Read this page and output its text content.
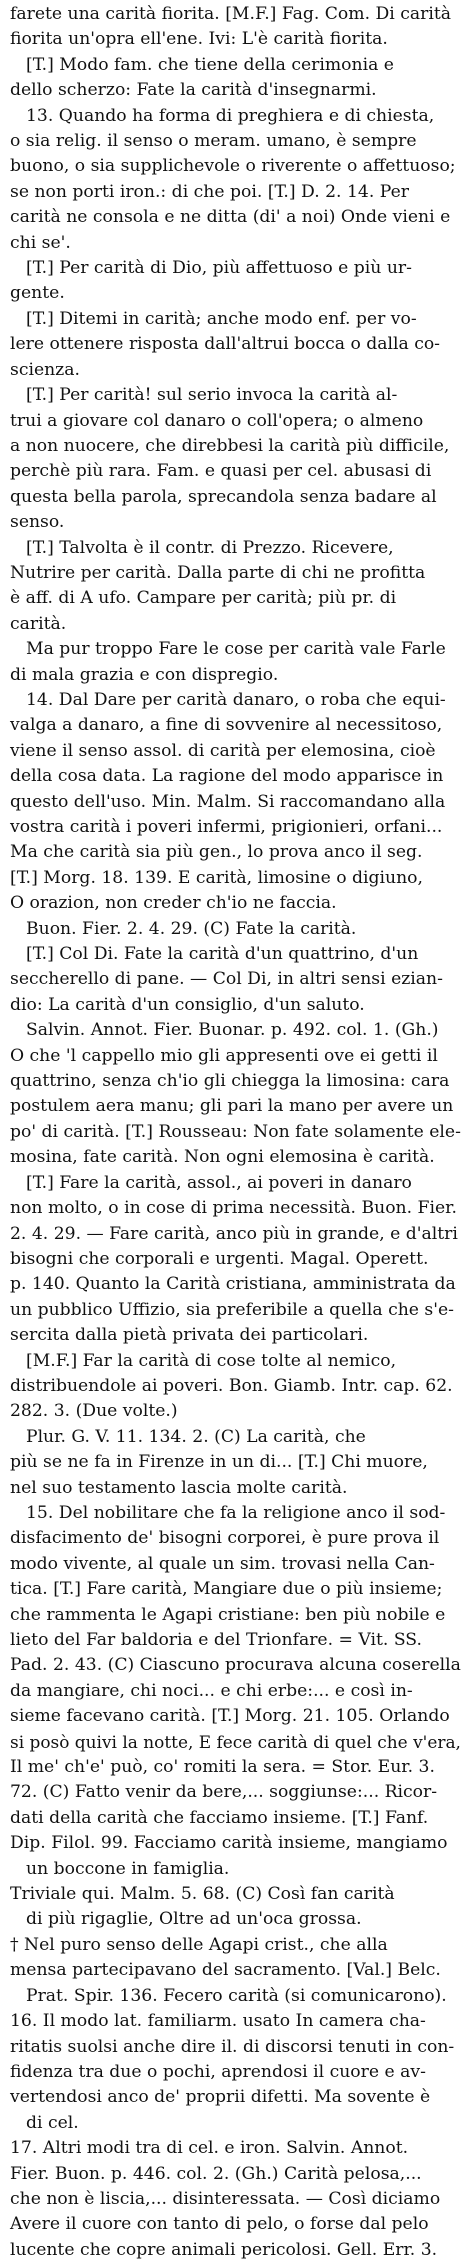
farete una carità fiorita. [M.F.] Fag. Com. Di carità

fiorita un'opra ell'ene. Ivi: L'è carità fiorita.

[T.] Modo fam. che tiene della cerimonia e

dello scherzo: Fate la carità d'insegnarmi.

13. Quando ha forma di preghiera e di chiesta,

o sia relig. il senso o meram. umano, è sempre

buono, o sia supplichevole o riverente o affettuoso;

se non porti iron.: di che poi. [T.] D. 2. 14. Per

carità ne consola e ne ditta (di' a noi) Onde vieni e

chi se'.

[T.] Per carità di Dio, più affettuoso e più ur-

gente.

[T.] Ditemi in carità; anche modo enf. per vo-

lere ottenere risposta dall'altrui bocca o dalla co-

scienza.

[T.] Per carità! sul serio invoca la carità al-

trui a giovare col danaro o coll'opera; o almeno

a non nuocere, che direbbesi la carità più difficile,

perchè più rara. Fam. e quasi per cel. abusasi di

questa bella parola, sprecandola senza badare al

senso.

[T.] Talvolta è il contr. di Prezzo. Ricevere,

Nutrire per carità. Dalla parte di chi ne profitta

è aff. di A ufo. Campare per carità; più pr. di

carità.

Ma pur troppo Fare le cose per carità vale Farle

di mala grazia e con dispregio.

14. Dal Dare per carità danaro, o roba che equi-

valga a danaro, a fine di sovvenire al necessitoso,

viene il senso assol. di carità per elemosina, cioè

della cosa data. La ragione del modo apparisce in

questo dell'uso. Min. Malm. Si raccomandano alla

vostra carità i poveri infermi, prigionieri, orfani...

Ma che carità sia più gen., lo prova anco il seg.

[T.] Morg. 18. 139. E carità, limosine o digiuno,

O orazion, non creder ch'io ne faccia.

Buon. Fier. 2. 4. 29. (C) Fate la carità.

[T.] Col Di. Fate la carità d'un quattrino, d'un

seccherello di pane. — Col Di, in altri sensi ezian-

dio: La carità d'un consiglio, d'un saluto.

Salvin. Annot. Fier. Buonar. p. 492. col. 1. (Gh.)

O che 'l cappello mio gli appresenti ove ei getti il

quattrino, senza ch'io gli chiegga la limosina: cara

postulem aera manu; gli pari la mano per avere un

po' di carità. [T.] Rousseau: Non fate solamente ele-

mosina, fate carità. Non ogni elemosina è carità.

[T.] Fare la carità, assol., ai poveri in danaro

non molto, o in cose di prima necessità. Buon. Fier.

2. 4. 29. — Fare carità, anco più in grande, e d'altri

bisogni che corporali e urgenti. Magal. Operett.

p. 140. Quanto la Carità cristiana, amministrata da

un pubblico Uffizio, sia preferibile a quella che s'e-

sercita dalla pietà privata dei particolari.

[M.F.] Far la carità di cose tolte al nemico,

distribuendole ai poveri. Bon. Giamb. Intr. cap. 62.

282. 3. (Due volte.)

Plur. G. V. 11. 134. 2. (C) La carità, che

più se ne fa in Firenze in un di... [T.] Chi muore,

nel suo testamento lascia molte carità.

15. Del nobilitare che fa la religione anco il sod-

disfacimento de' bisogni corporei, è pure prova il

modo vivente, al quale un sim. trovasi nella Can-

tica. [T.] Fare carità, Mangiare due o più insieme;

che rammenta le Agapi cristiane: ben più nobile e

lieto del Far baldoria e del Trionfare. = Vit. SS.

Pad. 2. 43. (C) Ciascuno procurava alcuna coserella

da mangiare, chi noci... e chi erbe:... e così in-

sieme facevano carità. [T.] Morg. 21. 105. Orlando

si posò quivi la notte, E fece carità di quel che v'era,

Il me' ch'e' può, co' romiti la sera. = Stor. Eur. 3.

72. (C) Fatto venir da bere,... soggiunse:... Ricor-

dati della carità che facciamo insieme. [T.] Fanf.

Dip. Filol. 99. Facciamo carità insieme, mangiamo

un boccone in famiglia.

Triviale qui. Malm. 5. 68. (C) Così fan carità

di più rigaglie, Oltre ad un'oca grossa.

† Nel puro senso delle Agapi crist., che alla

mensa partecipavano del sacramento. [Val.] Belc.

Prat. Spir. 136. Fecero carità (si comunicarono).

16. Il modo lat. familiarm. usato In camera cha-

ritatis suolsi anche dire il. di discorsi tenuti in con-

fidenza tra due o pochi, aprendosi il cuore e av-

vertendosi anco de' proprii difetti. Ma sovente è

di cel.

17. Altri modi tra di cel. e iron. Salvin. Annot.

Fier. Buon. p. 446. col. 2. (Gh.) Carità pelosa,...

che non è liscia,... disinteressata. — Così diciamo

Avere il cuore con tanto di pelo, o forse dal pelo

lucente che copre animali pericolosi. Gell. Err. 3.
